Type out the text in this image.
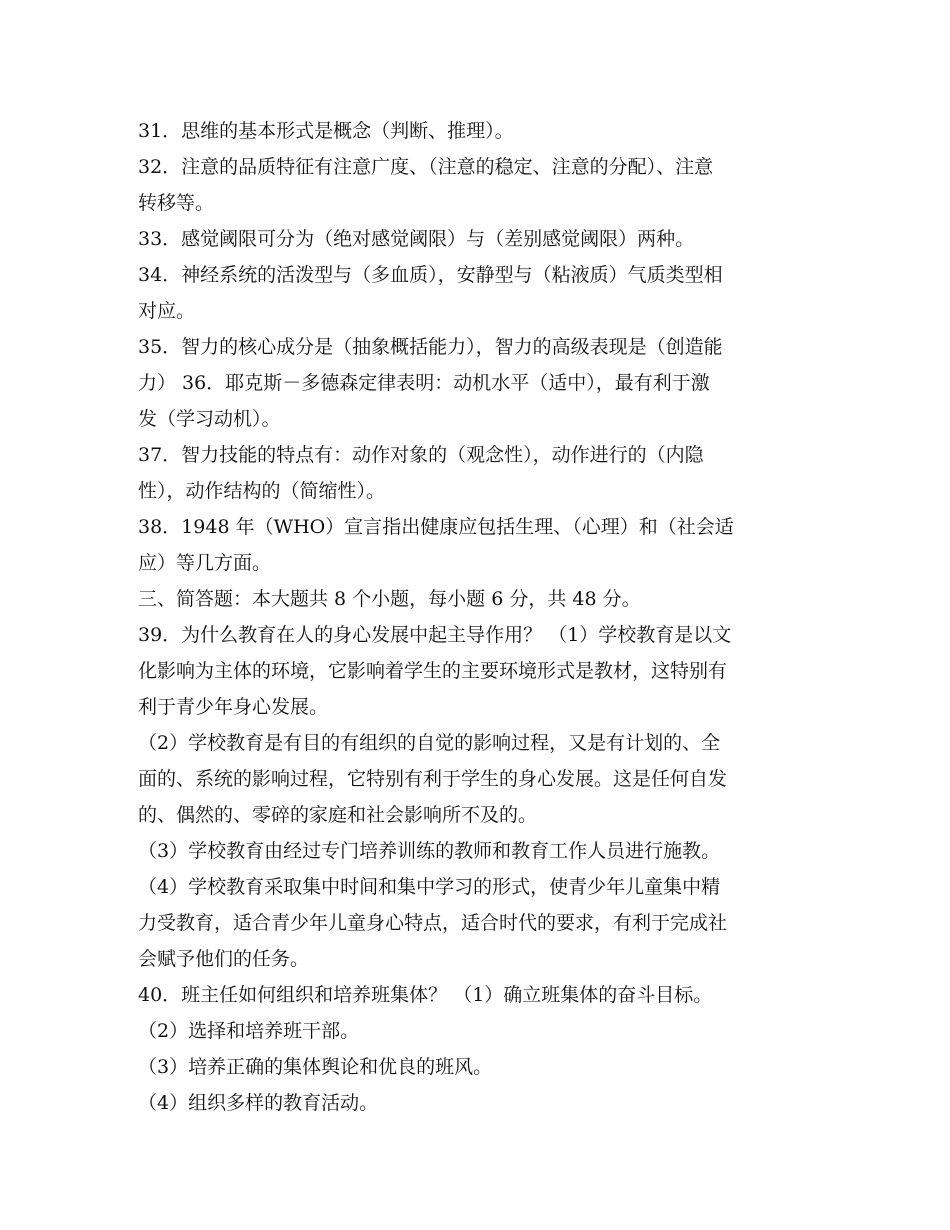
31．思维的基本形式是概念（判断、推理）。
32．注意的品质特征有注意广度、（注意的稳定、注意的分配）、注意
转移等。
33．感觉阈限可分为（绝对感觉阈限）与（差别感觉阈限）两种。
34．神经系统的活泼型与（多血质），安静型与（粘液质）气质类型相
对应。
35．智力的核心成分是（抽象概括能力），智力的高级表现是（创造能
力） 36．耶克斯－多德森定律表明：动机水平（适中），最有利于激
发（学习动机）。
37．智力技能的特点有：动作对象的（观念性），动作进行的（内隐
性），动作结构的（简缩性）。
38．1948 年（WHO）宣言指出健康应包括生理、（心理）和（社会适
应）等几方面。
三、简答题：本大题共 8 个小题，每小题 6 分，共 48 分。
39．为什么教育在人的身心发展中起主导作用？ （1）学校教育是以文
化影响为主体的环境，它影响着学生的主要环境形式是教材，这特别有
利于青少年身心发展。
（2）学校教育是有目的有组织的自觉的影响过程，又是有计划的、全
面的、系统的影响过程，它特别有利于学生的身心发展。这是任何自发
的、偶然的、零碎的家庭和社会影响所不及的。
（3）学校教育由经过专门培养训练的教师和教育工作人员进行施教。
（4）学校教育采取集中时间和集中学习的形式，使青少年儿童集中精
力受教育，适合青少年儿童身心特点，适合时代的要求，有利于完成社
会赋予他们的任务。
40．班主任如何组织和培养班集体？ （1）确立班集体的奋斗目标。
（2）选择和培养班干部。
（3）培养正确的集体舆论和优良的班风。
（4）组织多样的教育活动。
